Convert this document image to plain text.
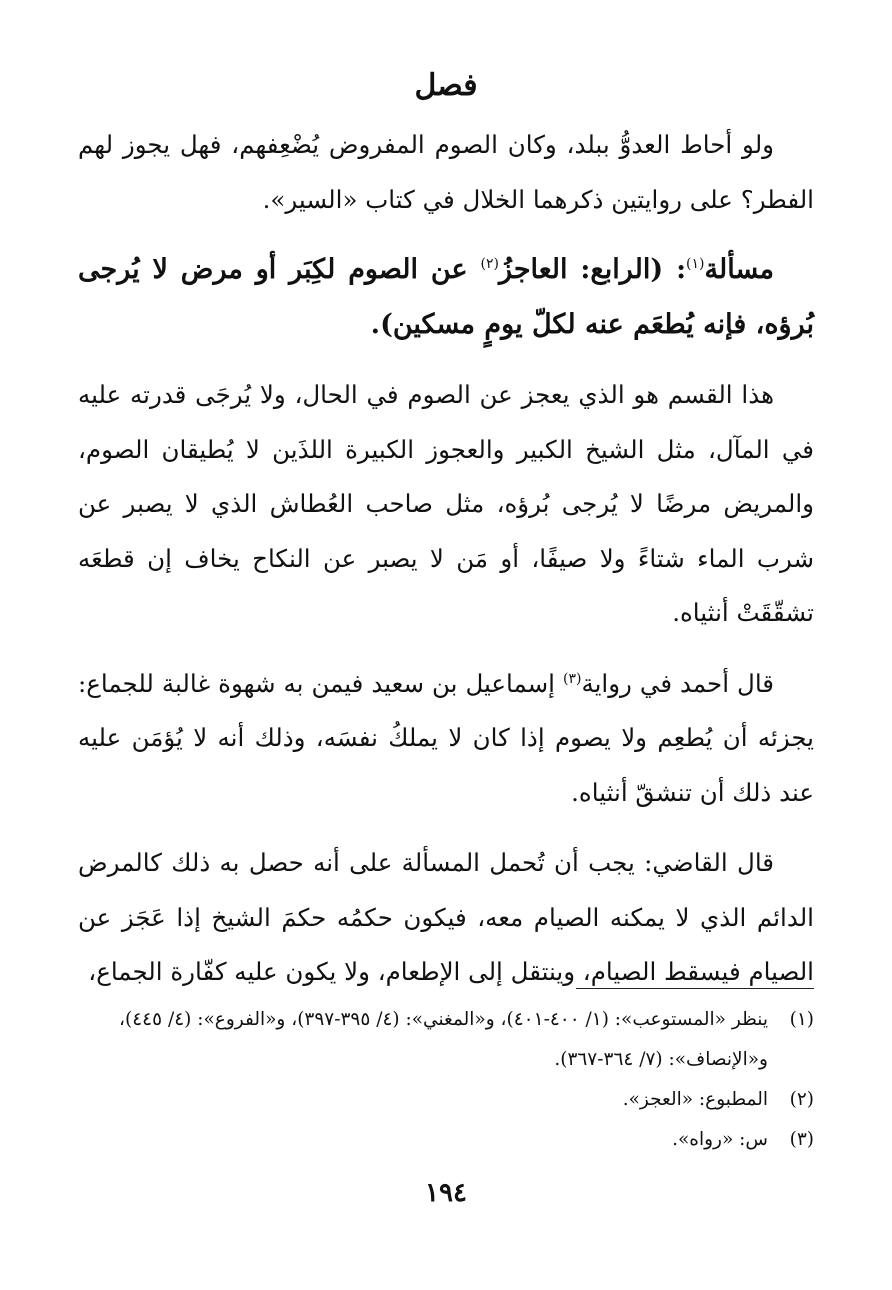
فصل

ولو أحاط العدوُّ ببلد، وكان الصوم المفروض يُضْعِفهم، فهل يجوز لهم الفطر؟ على روايتين ذكرهما الخلال في كتاب «السير».

مسألة$^{(١)}$: (الرابع: العاجزُ$^{(٢)}$ عن الصوم لكِبَر أو مرض لا يُرجى بُرؤه، فإنه يُطعَم عنه لكلّ يومٍ مسكين).

هذا القسم هو الذي يعجز عن الصوم في الحال، ولا يُرجَى قدرته عليه في المآل، مثل الشيخ الكبير والعجوز الكبيرة اللذَين لا يُطيقان الصوم، والمريض مرضًا لا يُرجى بُرؤه، مثل صاحب العُطاش الذي لا يصبر عن شرب الماء شتاءً ولا صيفًا، أو مَن لا يصبر عن النكاح يخاف إن قطعَه تشقّقَتْ أنثياه.

قال أحمد في رواية$^{(٣)}$ إسماعيل بن سعيد فيمن به شهوة غالبة للجماع: يجزئه أن يُطعِم ولا يصوم إذا كان لا يملكُ نفسَه، وذلك أنه لا يُؤمَن عليه عند ذلك أن تنشقّ أنثياه.

قال القاضي: يجب أن تُحمل المسألة على أنه حصل به ذلك كالمرض الدائم الذي لا يمكنه الصيام معه، فيكون حكمُه حكمَ الشيخ إذا عَجَز عن الصيام فيسقط الصيام، وينتقل إلى الإطعام، ولا يكون عليه كفّارة الجماع،

(١)
ينظر «المستوعب»: (١/ ٤٠٠-٤٠١)، و«المغني»: (٤/ ٣٩٥-٣٩٧)، و«الفروع»: (٤/ ٤٤٥)، و«الإنصاف»: (٧/ ٣٦٤-٣٦٧).
(٢)
المطبوع: «العجز».
(٣)
س: «رواه».
١٩٤
